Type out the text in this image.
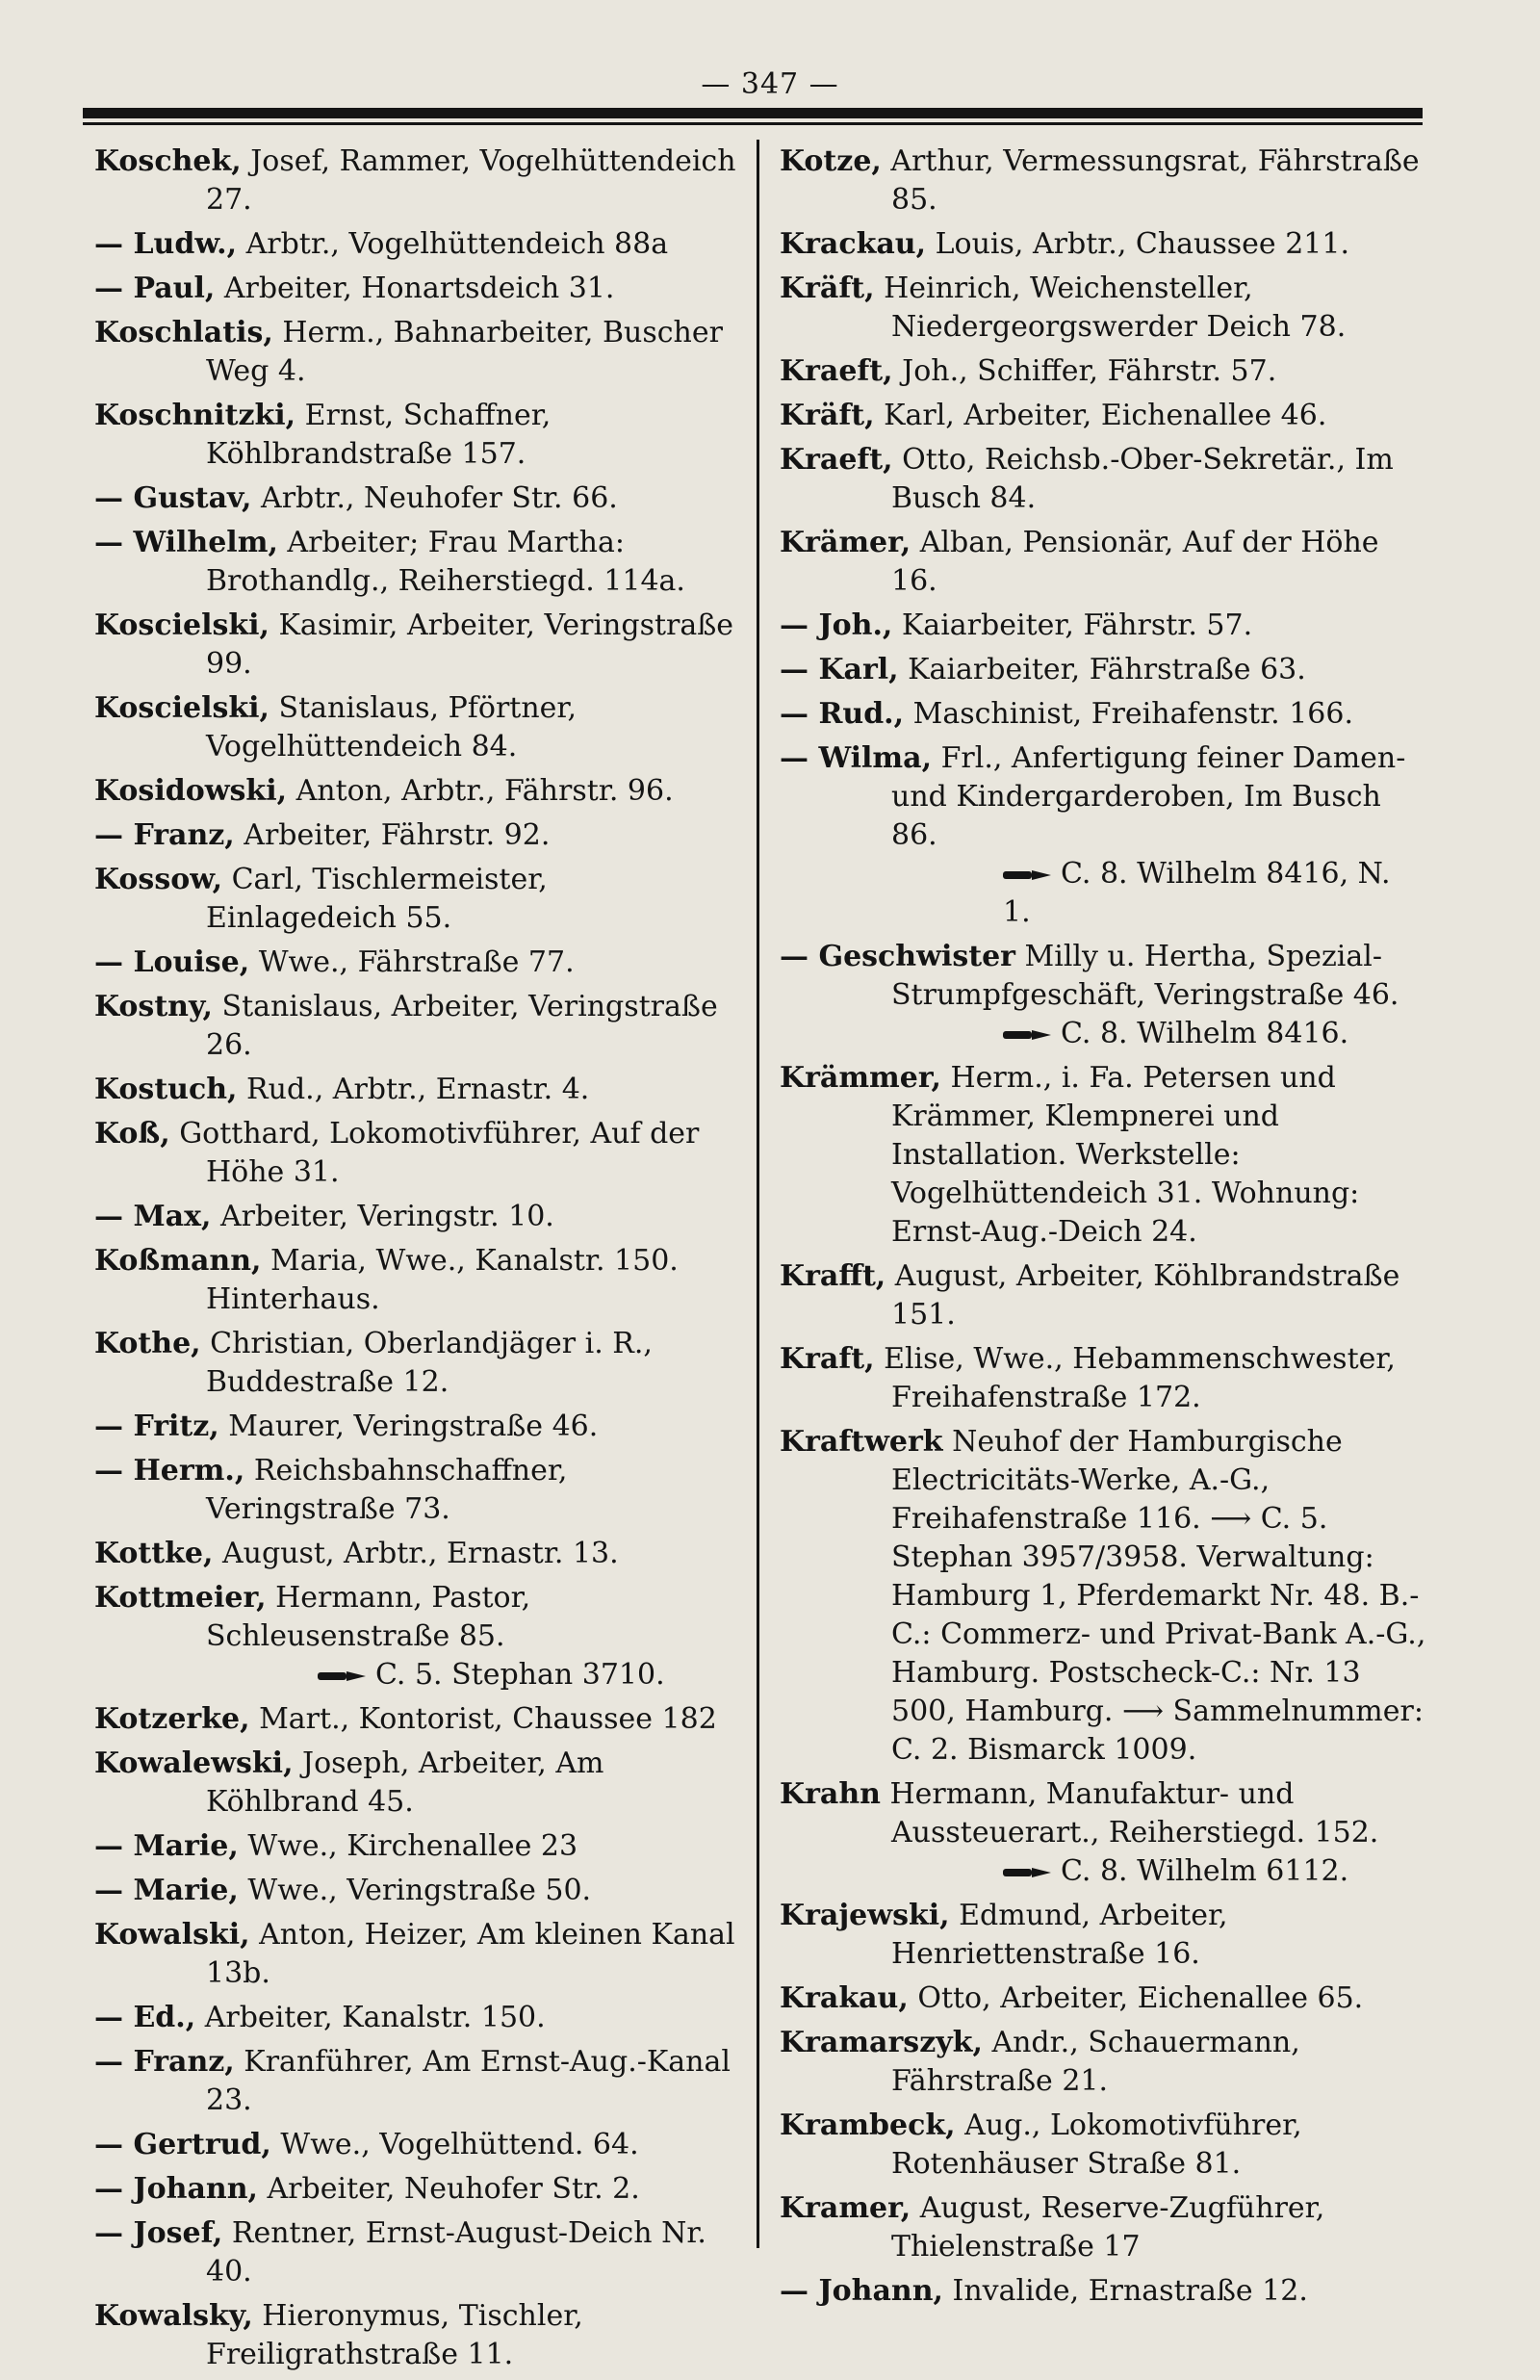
— 347 —
Koschek, Josef, Rammer, Vogelhüttendeich 27.
— Ludw., Arbtr., Vogelhüttendeich 88a
— Paul, Arbeiter, Honartsdeich 31.
Koschlatis, Herm., Bahnarbeiter, Buscher Weg 4.
Koschnitzki, Ernst, Schaffner, Köhlbrandstraße 157.
— Gustav, Arbtr., Neuhofer Str. 66.
— Wilhelm, Arbeiter; Frau Martha: Brothandlg., Reiherstiegd. 114a.
Koscielski, Kasimir, Arbeiter, Veringstraße 99.
Koscielski, Stanislaus, Pförtner, Vogelhüttendeich 84.
Kosidowski, Anton, Arbtr., Fährstr. 96.
— Franz, Arbeiter, Fährstr. 92.
Kossow, Carl, Tischlermeister, Einlagedeich 55.
— Louise, Wwe., Fährstraße 77.
Kostny, Stanislaus, Arbeiter, Veringstraße 26.
Kostuch, Rud., Arbtr., Ernastr. 4.
Koß, Gotthard, Lokomotivführer, Auf der Höhe 31.
— Max, Arbeiter, Veringstr. 10.
Koßmann, Maria, Wwe., Kanalstr. 150. Hinterhaus.
Kothe, Christian, Oberlandjäger i. R., Buddestraße 12.
— Fritz, Maurer, Veringstraße 46.
— Herm., Reichsbahnschaffner, Veringstraße 73.
Kottke, August, Arbtr., Ernastr. 13.
Kottmeier, Hermann, Pastor, Schleusenstraße 85.
C. 5. Stephan 3710.
Kotzerke, Mart., Kontorist, Chaussee 182
Kowalewski, Joseph, Arbeiter, Am Köhlbrand 45.
— Marie, Wwe., Kirchenallee 23
— Marie, Wwe., Veringstraße 50.
Kowalski, Anton, Heizer, Am kleinen Kanal 13b.
— Ed., Arbeiter, Kanalstr. 150.
— Franz, Kranführer, Am Ernst-Aug.-Kanal 23.
— Gertrud, Wwe., Vogelhüttend. 64.
— Johann, Arbeiter, Neuhofer Str. 2.
— Josef, Rentner, Ernst-August-Deich Nr. 40.
Kowalsky, Hieronymus, Tischler, Freiligrathstraße 11.
Kotze, Arthur, Vermessungsrat, Fährstraße 85.
Krackau, Louis, Arbtr., Chaussee 211.
Kräft, Heinrich, Weichensteller, Niedergeorgswerder Deich 78.
Kraeft, Joh., Schiffer, Fährstr. 57.
Kräft, Karl, Arbeiter, Eichenallee 46.
Kraeft, Otto, Reichsb.-Ober-Sekretär., Im Busch 84.
Krämer, Alban, Pensionär, Auf der Höhe 16.
— Joh., Kaiarbeiter, Fährstr. 57.
— Karl, Kaiarbeiter, Fährstraße 63.
— Rud., Maschinist, Freihafenstr. 166.
— Wilma, Frl., Anfertigung feiner Damen- und Kindergarderoben, Im Busch 86.
C. 8. Wilhelm 8416, N. 1.
— Geschwister Milly u. Hertha, Spezial-Strumpfgeschäft, Veringstraße 46.
C. 8. Wilhelm 8416.
Krämmer, Herm., i. Fa. Petersen und Krämmer, Klempnerei und Installation. Werkstelle: Vogelhüttendeich 31. Wohnung: Ernst-Aug.-Deich 24.
Krafft, August, Arbeiter, Köhlbrandstraße 151.
Kraft, Elise, Wwe., Hebammenschwester, Freihafenstraße 172.
Kraftwerk Neuhof der Hamburgische Electricitäts-Werke, A.-G., Freihafenstraße 116. ⟶ C. 5. Stephan 3957/3958. Verwaltung: Hamburg 1, Pferdemarkt Nr. 48. B.-C.: Commerz- und Privat-Bank A.-G., Hamburg. Postscheck-C.: Nr. 13 500, Hamburg. ⟶ Sammelnummer: C. 2. Bismarck 1009.
Krahn Hermann, Manufaktur- und Aussteuerart., Reiherstiegd. 152.
C. 8. Wilhelm 6112.
Krajewski, Edmund, Arbeiter, Henriettenstraße 16.
Krakau, Otto, Arbeiter, Eichenallee 65.
Kramarszyk, Andr., Schauermann, Fährstraße 21.
Krambeck, Aug., Lokomotivführer, Rotenhäuser Straße 81.
Kramer, August, Reserve-Zugführer, Thielenstraße 17
— Johann, Invalide, Ernastraße 12.
